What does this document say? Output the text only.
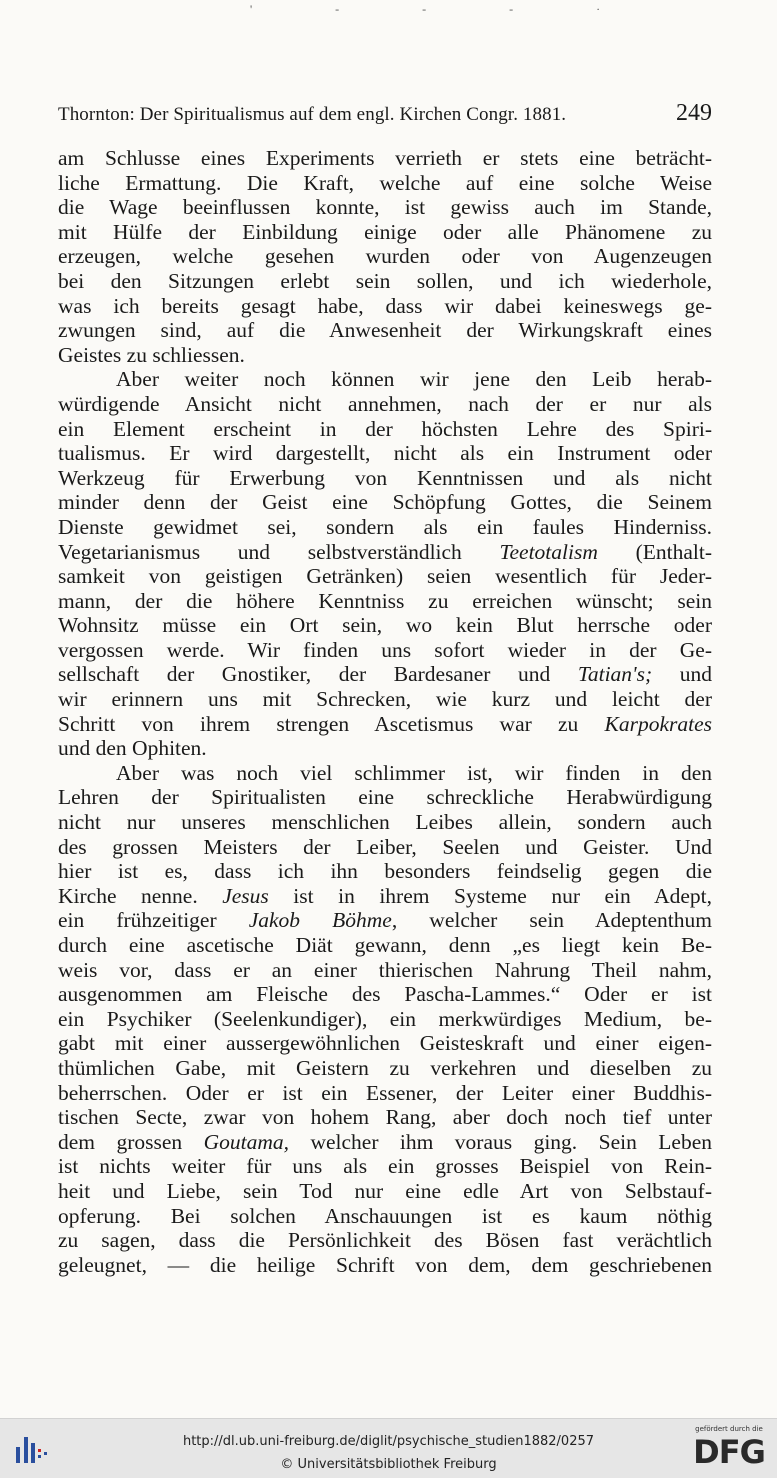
' - - - ·
Thornton: Der Spiritualismus auf dem engl. Kirchen Congr. 1881.	249
am Schlusse eines Experiments verrieth er stets eine beträcht-
liche Ermattung. Die Kraft, welche auf eine solche Weise
die Wage beeinflussen konnte, ist gewiss auch im Stande,
mit Hülfe der Einbildung einige oder alle Phänomene zu
erzeugen, welche gesehen wurden oder von Augenzeugen
bei den Sitzungen erlebt sein sollen, und ich wiederhole,
was ich bereits gesagt habe, dass wir dabei keineswegs ge-
zwungen sind, auf die Anwesenheit der Wirkungskraft eines
Geistes zu schliessen.
Aber weiter noch können wir jene den Leib herab-
würdigende Ansicht nicht annehmen, nach der er nur als
ein Element erscheint in der höchsten Lehre des Spiri-
tualismus. Er wird dargestellt, nicht als ein Instrument oder
Werkzeug für Erwerbung von Kenntnissen und als nicht
minder denn der Geist eine Schöpfung Gottes, die Seinem
Dienste gewidmet sei, sondern als ein faules Hinderniss.
Vegetarianismus und selbstverständlich Teetotalism (Enthalt-
samkeit von geistigen Getränken) seien wesentlich für Jeder-
mann, der die höhere Kenntniss zu erreichen wünscht; sein
Wohnsitz müsse ein Ort sein, wo kein Blut herrsche oder
vergossen werde. Wir finden uns sofort wieder in der Ge-
sellschaft der Gnostiker, der Bardesaner und Tatian's; und
wir erinnern uns mit Schrecken, wie kurz und leicht der
Schritt von ihrem strengen Ascetismus war zu Karpokrates
und den Ophiten.
Aber was noch viel schlimmer ist, wir finden in den
Lehren der Spiritualisten eine schreckliche Herabwürdigung
nicht nur unseres menschlichen Leibes allein, sondern auch
des grossen Meisters der Leiber, Seelen und Geister. Und
hier ist es, dass ich ihn besonders feindselig gegen die
Kirche nenne. Jesus ist in ihrem Systeme nur ein Adept,
ein frühzeitiger Jakob Böhme, welcher sein Adeptenthum
durch eine ascetische Diät gewann, denn „es liegt kein Be-
weis vor, dass er an einer thierischen Nahrung Theil nahm,
ausgenommen am Fleische des Pascha-Lammes.“ Oder er ist
ein Psychiker (Seelenkundiger), ein merkwürdiges Medium, be-
gabt mit einer aussergewöhnlichen Geisteskraft und einer eigen-
thümlichen Gabe, mit Geistern zu verkehren und dieselben zu
beherrschen. Oder er ist ein Essener, der Leiter einer Buddhis-
tischen Secte, zwar von hohem Rang, aber doch noch tief unter
dem grossen Goutama, welcher ihm voraus ging. Sein Leben
ist nichts weiter für uns als ein grosses Beispiel von Rein-
heit und Liebe, sein Tod nur eine edle Art von Selbstauf-
opferung. Bei solchen Anschauungen ist es kaum nöthig
zu sagen, dass die Persönlichkeit des Bösen fast verächtlich
geleugnet, — die heilige Schrift von dem, dem geschriebenen
http://dl.ub.uni-freiburg.de/diglit/psychische_studien1882/0257
© Universitätsbibliothek Freiburg
gefördert durch die
DFG
